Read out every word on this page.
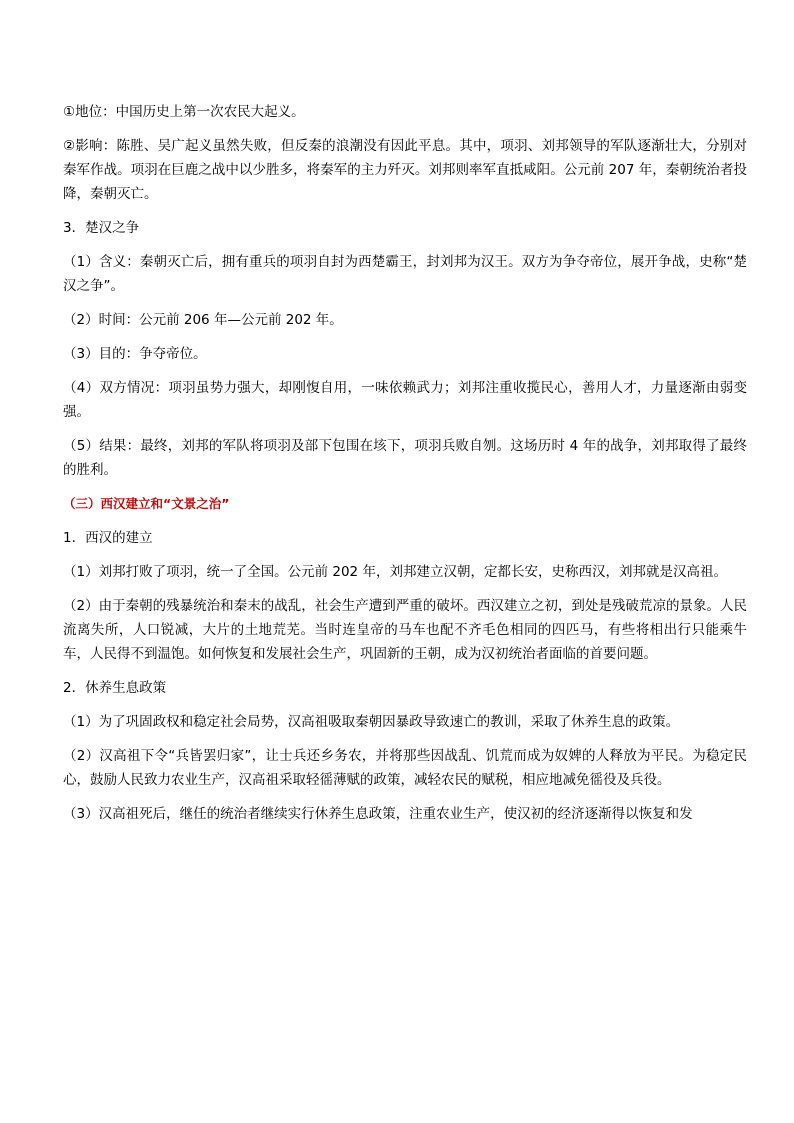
①地位：中国历史上第一次农民大起义。

②影响：陈胜、吴广起义虽然失败，但反秦的浪潮没有因此平息。其中，项羽、刘邦领导的军队逐渐壮大，分别对秦军作战。项羽在巨鹿之战中以少胜多，将秦军的主力歼灭。刘邦则率军直抵咸阳。公元前 207 年，秦朝统治者投降，秦朝灭亡。

3．楚汉之争

（1）含义：秦朝灭亡后，拥有重兵的项羽自封为西楚霸王，封刘邦为汉王。双方为争夺帝位，展开争战，史称“楚汉之争”。

（2）时间：公元前 206 年—公元前 202 年。

（3）目的：争夺帝位。

（4）双方情况：项羽虽势力强大，却刚愎自用，一味依赖武力；刘邦注重收揽民心，善用人才，力量逐渐由弱变强。

（5）结果：最终，刘邦的军队将项羽及部下包围在垓下，项羽兵败自刎。这场历时 4 年的战争，刘邦取得了最终的胜利。

（三）西汉建立和“文景之治”

1．西汉的建立

（1）刘邦打败了项羽，统一了全国。公元前 202 年，刘邦建立汉朝，定都长安，史称西汉，刘邦就是汉高祖。

（2）由于秦朝的残暴统治和秦末的战乱，社会生产遭到严重的破坏。西汉建立之初，到处是残破荒凉的景象。人民流离失所，人口锐减，大片的土地荒芜。当时连皇帝的马车也配不齐毛色相同的四匹马，有些将相出行只能乘牛车，人民得不到温饱。如何恢复和发展社会生产，巩固新的王朝，成为汉初统治者面临的首要问题。

2．休养生息政策

（1）为了巩固政权和稳定社会局势，汉高祖吸取秦朝因暴政导致速亡的教训，采取了休养生息的政策。

（2）汉高祖下令“兵皆罢归家”，让士兵还乡务农，并将那些因战乱、饥荒而成为奴婢的人释放为平民。为稳定民心，鼓励人民致力农业生产，汉高祖采取轻徭薄赋的政策，减轻农民的赋税，相应地减免徭役及兵役。

（3）汉高祖死后，继任的统治者继续实行休养生息政策，注重农业生产，使汉初的经济逐渐得以恢复和发
